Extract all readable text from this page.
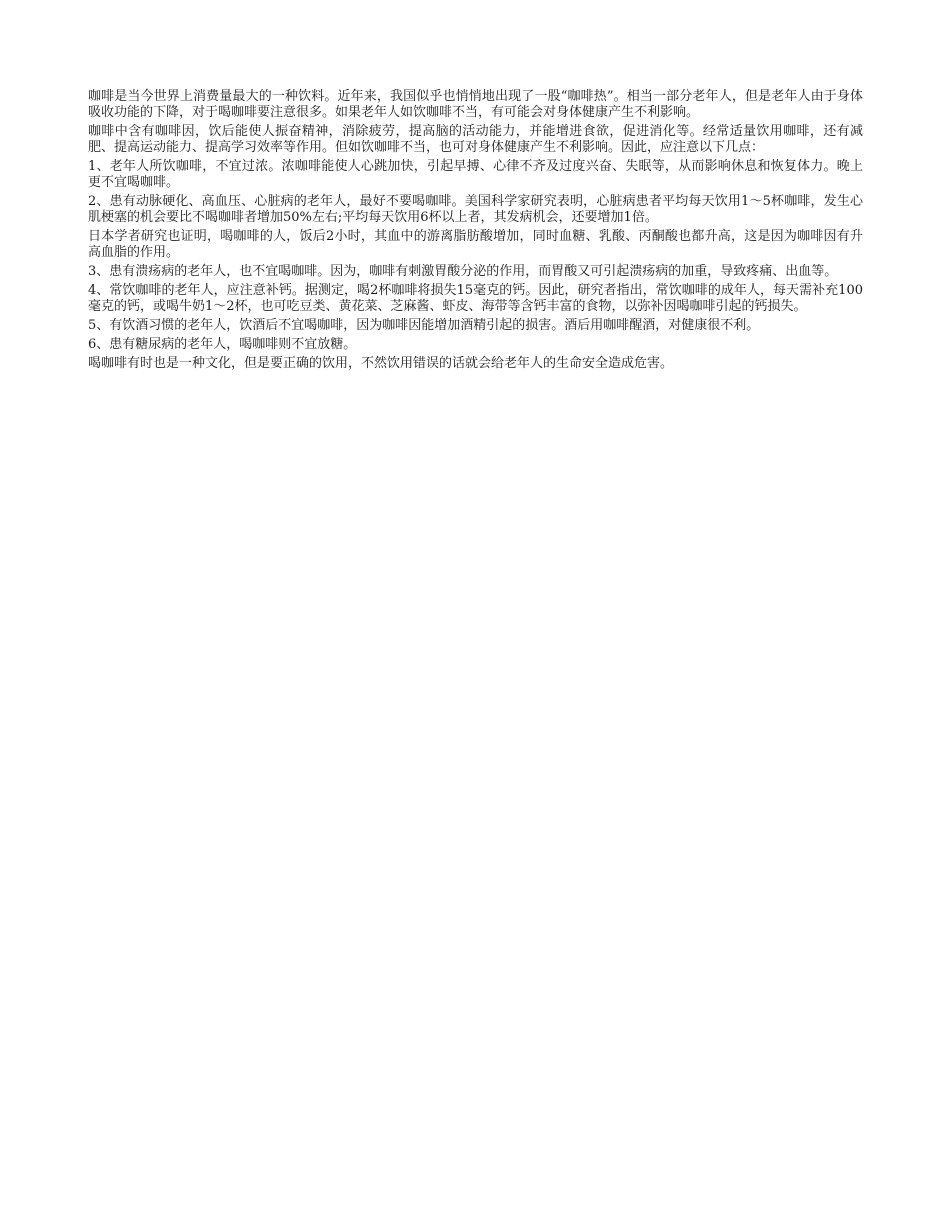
咖啡是当今世界上消费量最大的一种饮料。近年来，我国似乎也悄悄地出现了一股“咖啡热”。相当一部分老年人，但是老年人由于身体吸收功能的下降，对于喝咖啡要注意很多。如果老年人如饮咖啡不当，有可能会对身体健康产生不利影响。

咖啡中含有咖啡因，饮后能使人振奋精神，消除疲劳，提高脑的活动能力，并能增进食欲，促进消化等。经常适量饮用咖啡，还有减肥、提高运动能力、提高学习效率等作用。但如饮咖啡不当，也可对身体健康产生不利影响。因此，应注意以下几点：

1、老年人所饮咖啡，不宜过浓。浓咖啡能使人心跳加快，引起早搏、心律不齐及过度兴奋、失眠等，从而影响休息和恢复体力。晚上更不宜喝咖啡。

2、患有动脉硬化、高血压、心脏病的老年人，最好不要喝咖啡。美国科学家研究表明，心脏病患者平均每天饮用1～5杯咖啡，发生心肌梗塞的机会要比不喝咖啡者增加50%左右;平均每天饮用6杯以上者，其发病机会，还要增加1倍。

日本学者研究也证明，喝咖啡的人，饭后2小时，其血中的游离脂肪酸增加，同时血糖、乳酸、丙酮酸也都升高，这是因为咖啡因有升高血脂的作用。

3、患有溃疡病的老年人，也不宜喝咖啡。因为，咖啡有刺激胃酸分泌的作用，而胃酸又可引起溃疡病的加重，导致疼痛、出血等。

4、常饮咖啡的老年人，应注意补钙。据测定，喝2杯咖啡将损失15毫克的钙。因此，研究者指出，常饮咖啡的成年人，每天需补充100毫克的钙，或喝牛奶1～2杯，也可吃豆类、黄花菜、芝麻酱、虾皮、海带等含钙丰富的食物，以弥补因喝咖啡引起的钙损失。

5、有饮酒习惯的老年人，饮酒后不宜喝咖啡，因为咖啡因能增加酒精引起的损害。酒后用咖啡醒酒，对健康很不利。

6、患有糖尿病的老年人，喝咖啡则不宜放糖。

喝咖啡有时也是一种文化，但是要正确的饮用，不然饮用错误的话就会给老年人的生命安全造成危害。
